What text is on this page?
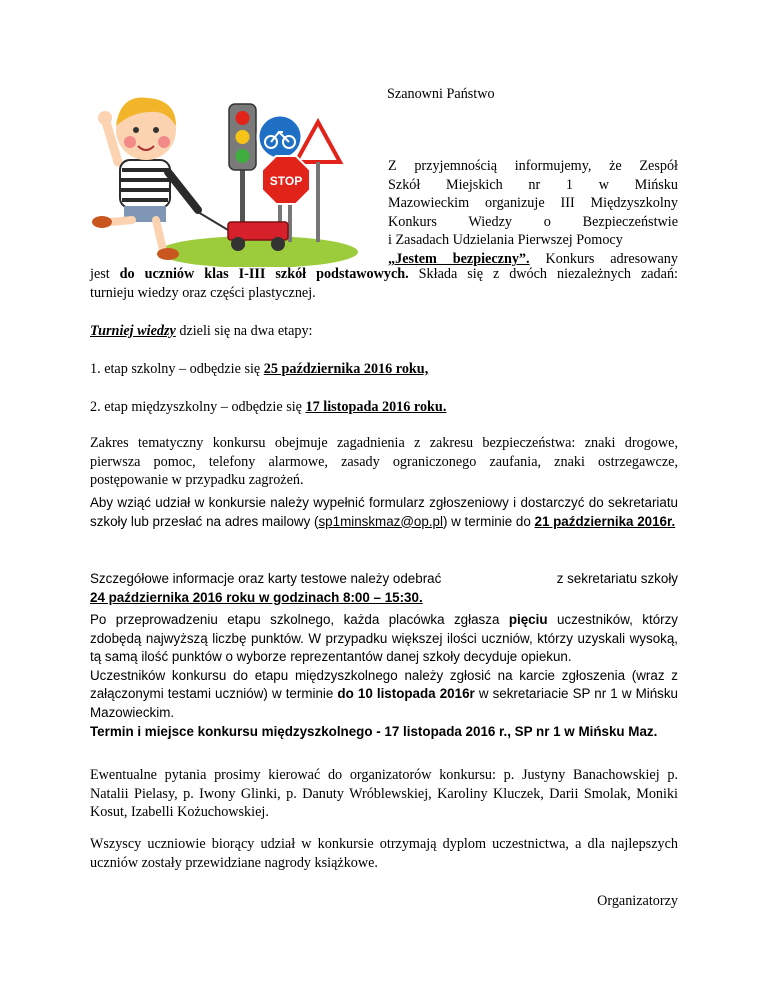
STOP

Szanowni Państwo

Z przyjemnością informujemy, że Zespół
Szkół Miejskich nr 1 w Mińsku
Mazowieckim organizuje III Międzyszkolny
Konkurs Wiedzy o Bezpieczeństwie
i Zasadach Udzielania Pierwszej Pomocy
„Jestem bezpieczny”. Konkurs adresowany

jest do uczniów klas I-III szkół podstawowych. Składa się z dwóch niezależnych zadań:
turnieju wiedzy oraz części plastycznej.

Turniej wiedzy dzieli się na dwa etapy:

1. etap szkolny – odbędzie się 25 października 2016 roku,

2. etap międzyszkolny – odbędzie się 17 listopada 2016 roku.

Zakres tematyczny konkursu obejmuje zagadnienia z zakresu bezpieczeństwa: znaki drogowe, pierwsza pomoc, telefony alarmowe, zasady ograniczonego zaufania, znaki ostrzegawcze, postępowanie w przypadku zagrożeń.

Aby wziąć udział w konkursie należy wypełnić formularz zgłoszeniowy i dostarczyć do sekretariatu szkoły lub przesłać na adres mailowy (sp1minskmaz@op.pl) w terminie do 21 października 2016r.

Szczegółowe informacje oraz karty testowe należy odebrać	z sekretariatu szkoły
24 października 2016 roku w godzinach 8:00 – 15:30.

Po przeprowadzeniu etapu szkolnego, każda placówka zgłasza pięciu uczestników, którzy zdobędą najwyższą liczbę punktów. W przypadku większej ilości uczniów, którzy uzyskali wysoką, tą samą ilość punktów o wyborze reprezentantów danej szkoły decyduje opiekun.
Uczestników konkursu do etapu międzyszkolnego należy zgłosić na karcie zgłoszenia (wraz z załączonymi testami uczniów) w terminie do 10 listopada 2016r w sekretariacie SP nr 1 w Mińsku Mazowieckim.
Termin i miejsce konkursu międzyszkolnego - 17 listopada 2016 r., SP nr 1 w Mińsku Maz.

Ewentualne pytania prosimy kierować do organizatorów konkursu: p. Justyny Banachowskiej p. Natalii Pielasy, p. Iwony Glinki, p. Danuty Wróblewskiej, Karoliny Kluczek, Darii Smolak, Moniki Kosut, Izabelli Kożuchowskiej.

Wszyscy uczniowie biorący udział w konkursie otrzymają dyplom uczestnictwa, a dla najlepszych uczniów zostały przewidziane nagrody książkowe.

Organizatorzy
